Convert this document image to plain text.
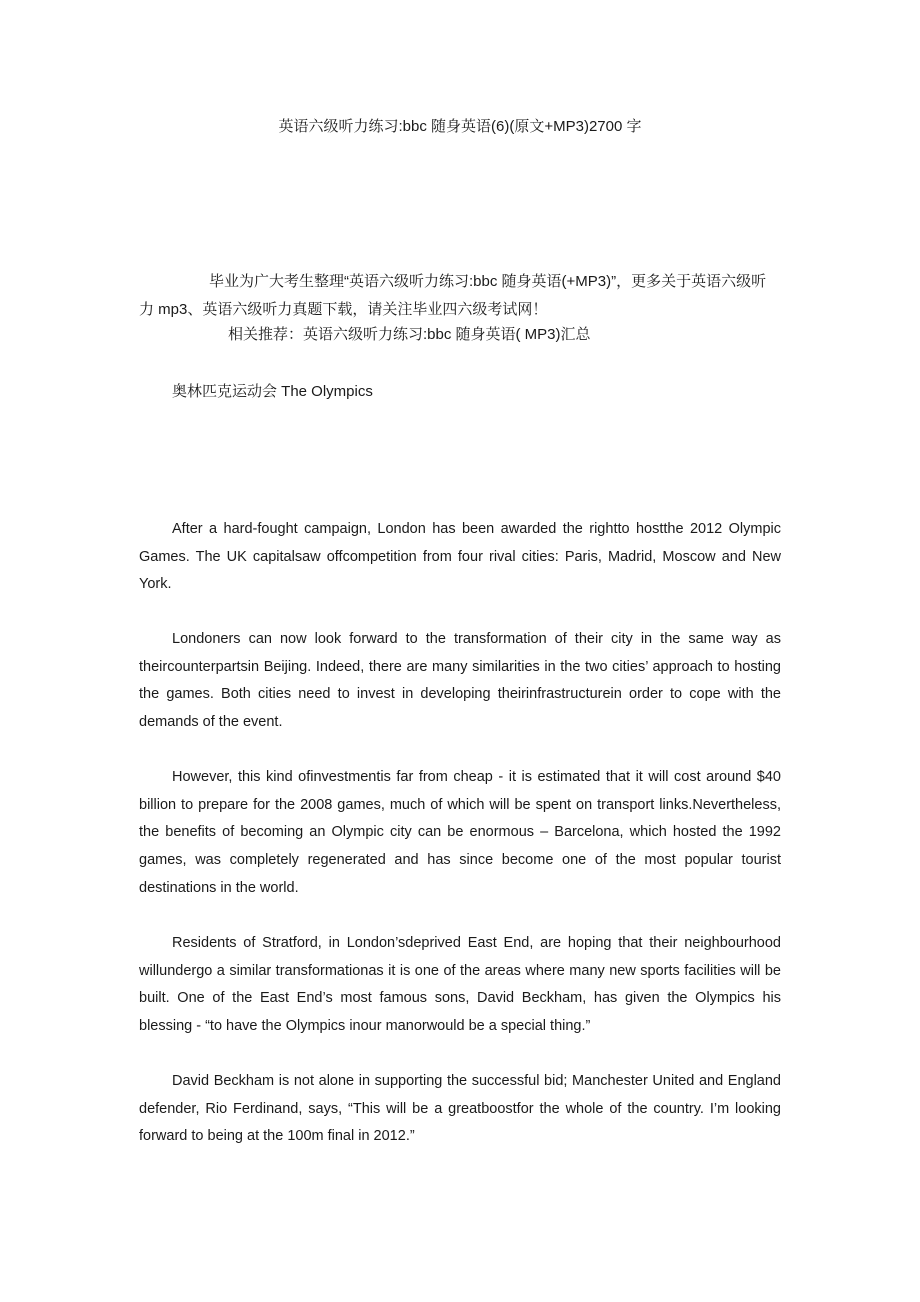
英语六级听力练习:bbc 随身英语(6)(原文+MP3)2700 字

毕业为广大考生整理“英语六级听力练习:bbc 随身英语(+MP3)”，更多关于英语六级听力 mp3、英语六级听力真题下载，请关注毕业四六级考试网！

相关推荐：英语六级听力练习:bbc 随身英语( MP3)汇总
奥林匹克运动会 The Olympics

After a hard-fought campaign, London has been awarded the rightto hostthe 2012 Olympic Games. The UK capitalsaw offcompetition from four rival cities: Paris, Madrid, Moscow and New York.

Londoners can now look forward to the transformation of their city in the same way as theircounterpartsin Beijing. Indeed, there are many similarities in the two cities’ approach to hosting the games. Both cities need to invest in developing theirinfrastructurein order to cope with the demands of the event.

However, this kind ofinvestmentis far from cheap - it is estimated that it will cost around $40 billion to prepare for the 2008 games, much of which will be spent on transport links.Nevertheless, the benefits of becoming an Olympic city can be enormous – Barcelona, which hosted the 1992 games, was completely regenerated and has since become one of the most popular tourist destinations in the world.

Residents of Stratford, in London’sdeprived East End, are hoping that their neighbourhood willundergo a similar transformationas it is one of the areas where many new sports facilities will be built. One of the East End’s most famous sons, David Beckham, has given the Olympics his blessing - “to have the Olympics inour manorwould be a special thing.”

David Beckham is not alone in supporting the successful bid; Manchester United and England defender, Rio Ferdinand, says, “This will be a greatboostfor the whole of the country. I’m looking forward to being at the 100m final in 2012.”
